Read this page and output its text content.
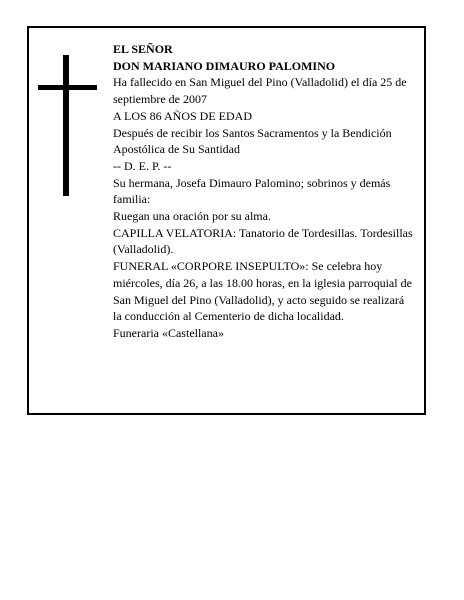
EL SEÑOR

DON MARIANO DIMAURO PALOMINO

Ha fallecido en San Miguel del Pino (Valladolid) el día 25 de septiembre de 2007

A LOS 86 AÑOS DE EDAD

Después de recibir los Santos Sacramentos y la Bendición Apostólica de Su Santidad

-- D. E. P. --

Su hermana, Josefa Dimauro Palomino; sobrinos y demás familia:

Ruegan una oración por su alma.

CAPILLA VELATORIA: Tanatorio de Tordesillas. Tordesillas (Valladolid).

FUNERAL «CORPORE INSEPULTO»: Se celebra hoy miércoles, día 26, a las 18.00 horas, en la iglesia parroquial de San Miguel del Pino (Valladolid), y acto seguido se realizará la conducción al Cementerio de dicha localidad.

Funeraria «Castellana»
